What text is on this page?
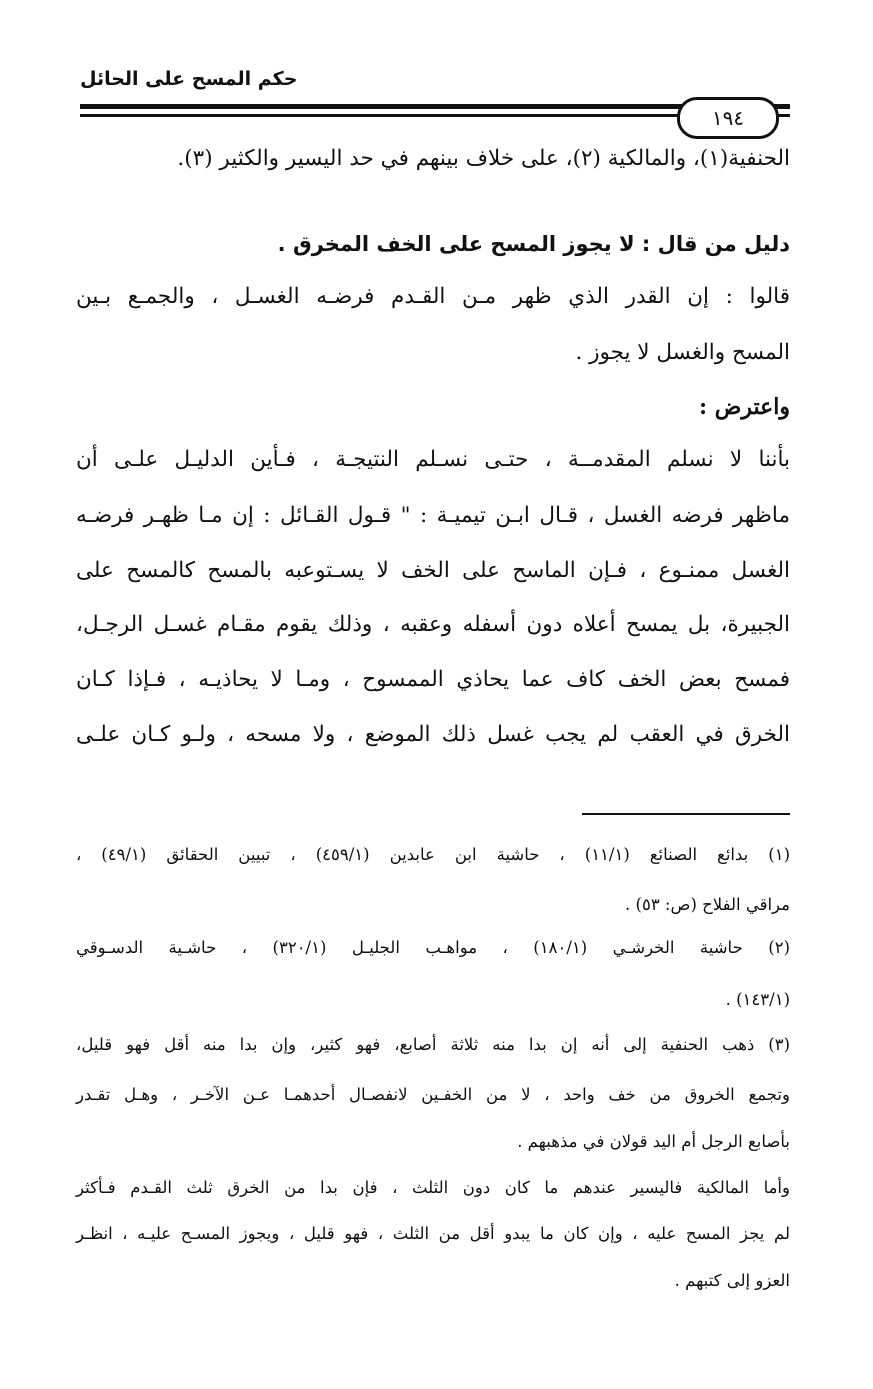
حكم المسح على الحائل
١٩٤
الحنفية(١)، والمالكية (٢)، على خلاف بينهم في حد اليسير والكثير (٣).
دليل من قال : لا يجوز المسح على الخف المخرق .
قالوا : إن القدر الذي ظهر مـن القـدم فرضـه الغسـل ، والجمـع بـين
المسح والغسل لا يجوز .
واعترض :
بأننا لا نسلم المقدمــة ، حتـى نسـلم النتيجـة ، فـأين الدليـل علـى أن
ماظهر فرضه الغسل ، قـال ابـن تيميـة : " قـول القـائل : إن مـا ظهـر فرضـه
الغسل ممنـوع ، فـإن الماسح على الخف لا يسـتوعبه بالمسح كالمسح على
الجبيرة، بل يمسح أعلاه دون أسفله وعقبه ، وذلك يقوم مقـام غسـل الرجـل،
فمسح بعض الخف كاف عما يحاذي الممسوح ، ومـا لا يحاذيـه ، فـإذا كـان
الخرق في العقب لم يجب غسل ذلك الموضع ، ولا مسحه ، ولـو كـان علـى
(١) بدائع الصنائع (١١/١) ، حاشية ابن عابدين (٤٥٩/١) ، تبيين الحقائق (٤٩/١) ،
مراقي الفلاح (ص: ٥٣) .
(٢) حاشية الخرشـي (١٨٠/١) ، مواهـب الجليـل (٣٢٠/١) ، حاشـية الدسـوقي
(١٤٣/١) .
(٣) ذهب الحنفية إلى أنه إن بدا منه ثلاثة أصابع، فهو كثير، وإن بدا منه أقل فهو قليل،
وتجمع الخروق من خف واحد ، لا من الخفـين لانفصـال أحدهمـا عـن الآخـر ، وهـل تقـدر
بأصابع الرجل أم اليد قولان في مذهبهم .
وأما المالكية فاليسير عندهم ما كان دون الثلث ، فإن بدا من الخرق ثلث القـدم فـأكثر
لم يجز المسح عليه ، وإن كان ما يبدو أقل من الثلث ، فهو قليل ، ويجوز المسـح عليـه ، انظـر
العزو إلى كتبهم .
